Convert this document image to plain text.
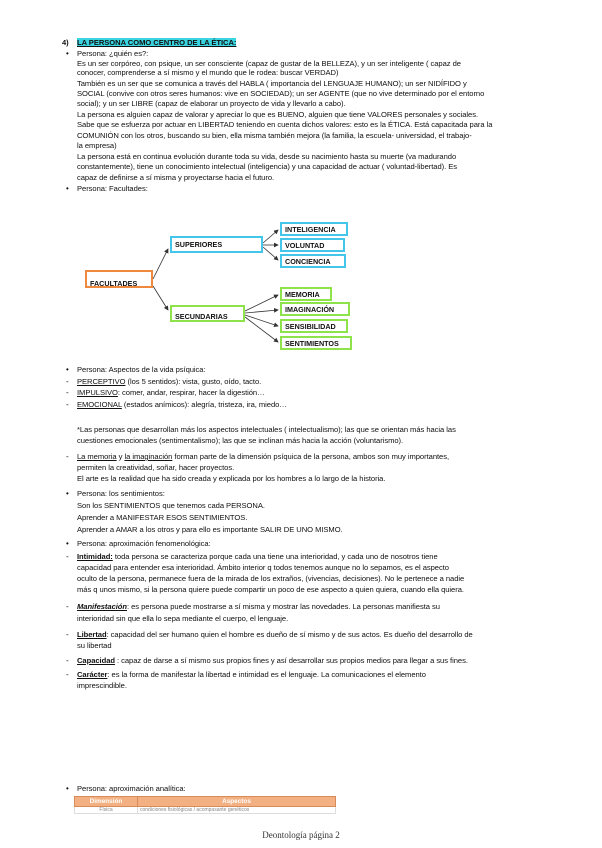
4) LA PERSONA COMO CENTRO DE LA ÉTICA:
• Persona: ¿quién es?:
Es un ser corpóreo, con psique, un ser consciente (capaz de gustar de la BELLEZA), y un ser inteligente ( capaz de
conocer, comprenderse a sí mismo y el mundo que le rodea: buscar VERDAD)
También es un ser que se comunica a través del HABLA ( importancia del LENGUAJE HUMANO); un ser NIDÍFIDO y
SOCIAL (convive con otros seres humanos: vive en SOCIEDAD); un ser AGENTE (que no vive determinado por el entorno
social); y un ser LIBRE (capaz de elaborar un proyecto de vida y llevarlo a cabo).
La persona es alguien capaz de valorar y apreciar lo que es BUENO, alguien que tiene VALORES personales y sociales.
Sabe que se esfuerza por actuar en LIBERTAD teniendo en cuenta dichos valores: esto es la ÉTICA. Está capacitada para la
COMUNIÓN con los otros, buscando su bien, ella misma también mejora (la familia, la escuela- universidad, el trabajo-
la empresa)
La persona está en continua evolución durante toda su vida, desde su nacimiento hasta su muerte (va madurando
constantemente), tiene un conocimiento intelectual (inteligencia) y una capacidad de actuar ( voluntad-libertad). Es
capaz de definirse a sí misma y proyectarse hacia el futuro.
• Persona: Facultades:
FACULTADES
SUPERIORES
SECUNDARIAS
INTELIGENCIA
VOLUNTAD
CONCIENCIA
MEMORIA
IMAGINACIÓN
SENSIBILIDAD
SENTIMIENTOS
• Persona: Aspectos de la vida psíquica:
- PERCEPTIVO (los 5 sentidos): vista, gusto, oído, tacto.
- IMPULSIVO: comer, andar, respirar, hacer la digestión…
- EMOCIONAL (estados anímicos): alegría, tristeza, ira, miedo…
*Las personas que desarrollan más los aspectos intelectuales ( intelectualismo); las que se orientan más hacia las
cuestiones emocionales (sentimentalismo); las que se inclinan más hacia la acción (voluntarismo).
- La memoria y la imaginación forman parte de la dimensión psíquica de la persona, ambos son muy importantes,
permiten la creatividad, soñar, hacer proyectos.
El arte es la realidad que ha sido creada y explicada por los hombres a lo largo de la historia.
• Persona: los sentimientos:
Son los SENTIMIENTOS que tenemos cada PERSONA.
Aprender a MANIFESTAR ESOS SENTIMIENTOS.
Aprender a AMAR a los otros y para ello es importante SALIR DE UNO MISMO.
• Persona: aproximación fenomenológica:
- Intimidad: toda persona se caracteriza porque cada una tiene una interioridad, y cada uno de nosotros tiene
capacidad para entender esa interioridad. Ámbito interior q todos tenemos aunque no lo sepamos, es el aspecto
oculto de la persona, permanece fuera de la mirada de los extraños, (vivencias, decisiones). No le pertenece a nadie
más q unos mismo, si la persona quiere puede compartir un poco de ese aspecto a quien quiera, cuando ella quiera.
- Manifestación: es persona puede mostrarse a sí misma y mostrar las novedades. La personas manifiesta su
interioridad sin que ella lo sepa mediante el cuerpo, el lenguaje.
- Libertad: capacidad del ser humano quien el hombre es dueño de sí mismo y de sus actos. Es dueño del desarrollo de
su libertad
- Capacidad : capaz de darse a sí mismo sus propios fines y así desarrollar sus propios medios para llegar a sus fines.
- Carácter: es la forma de manifestar la libertad e intimidad es el lenguaje. La comunicaciones el elemento
imprescindible.
• Persona: aproximación analítica:
Dimensión	Aspectos
Física	condiciones fisiológicas / acompasante genéticos
Deontología página 2
